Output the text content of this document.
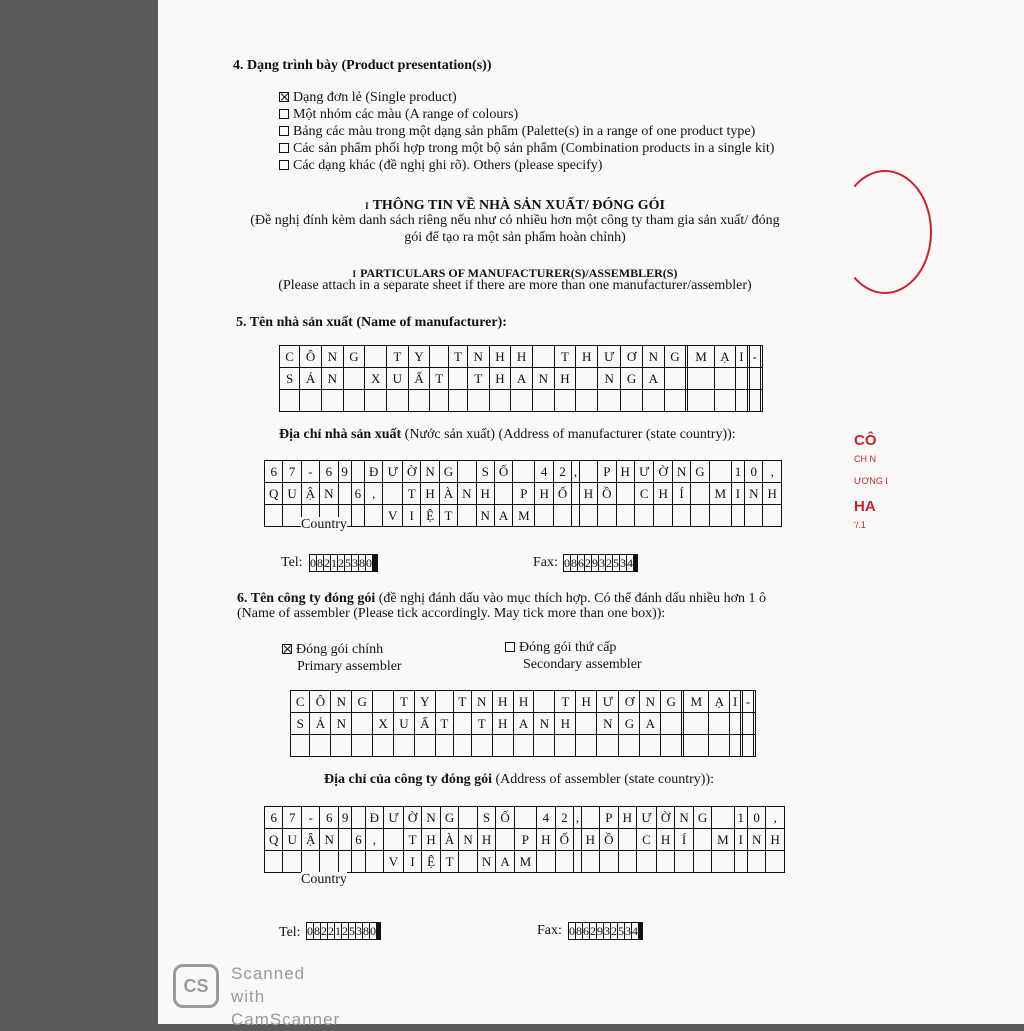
CÔ
CH N
ƯƠNG I
HA
'/.1
4. Dạng trình bày (Product presentation(s))
Dạng đơn lẻ (Single product)
Một nhóm các màu (A range of colours)
Bảng các màu trong một dạng sản phẩm (Palette(s) in a range of one product type)
Các sản phẩm phối hợp trong một bộ sản phẩm (Combination products in a single kit)
Các dạng khác (đề nghị ghi rõ). Others (please specify)
I THÔNG TIN VỀ NHÀ SẢN XUẤT/ ĐÓNG GÓI
(Đề nghị đính kèm danh sách riêng nếu như có nhiều hơn một công ty tham gia sản xuất/ đóng
gói để tạo ra một sản phẩm hoàn chỉnh)
I PARTICULARS OF MANUFACTURER(S)/ASSEMBLER(S)
(Please attach in a separate sheet if there are more than one manufacturer/assembler)
5. Tên nhà sản xuất (Name of manufacturer):
C	Ô	N	G		T	Y		T	N	H	H		T	H	Ư	Ơ	N	G		M	Ạ	I		-	
S	Ả	N		X	U	Ấ	T		T	H	A	N	H		N	G	A								

Địa chỉ nhà sản xuất (Nước sản xuất) (Address of manufacturer (state country)):
6	7	-	6	9		Đ	Ư	Ờ	N	G		S	Ố		4	2	,		P	H	Ư	Ờ	N	G		1	0	,
Q	U	Ậ	N		6	,		T	H	À	N	H		P	H	Ố		H	Ồ		C	H	Í		M	I	N	H
							V	I	Ệ	T		N	A	M														
Country
Tel: 0	8	2	1	2	5	3	8	0						Fax: 0	8	6	2	9	3	2	5	3	4				
6. Tên công ty đóng gói (đề nghị đánh dấu vào mục thích hợp. Có thể đánh dấu nhiều hơn 1 ô
(Name of assembler (Please tick accordingly. May tick more than one box)):
Đóng gói chính
Primary assembler
Đóng gói thứ cấp
Secondary assembler
C	Ô	N	G		T	Y		T	N	H	H		T	H	Ư	Ơ	N	G		M	Ạ	I		-	
S	Ả	N		X	U	Ấ	T		T	H	A	N	H		N	G	A								

Địa chỉ của công ty đóng gói (Address of assembler (state country)):
6	7	-	6	9		Đ	Ư	Ờ	N	G		S	Ố		4	2	,		P	H	Ư	Ờ	N	G		1	0	,
Q	U	Ậ	N		6	,		T	H	À	N	H		P	H	Ố		H	Ồ		C	H	Í		M	I	N	H
							V	I	Ệ	T		N	A	M														
Country
Tel: 0	8	2	2	1	2	5	3	8	0					Fax: 0	8	6	2	9	3	2	5	3	4				
CS
Scanned with
CamScanner
